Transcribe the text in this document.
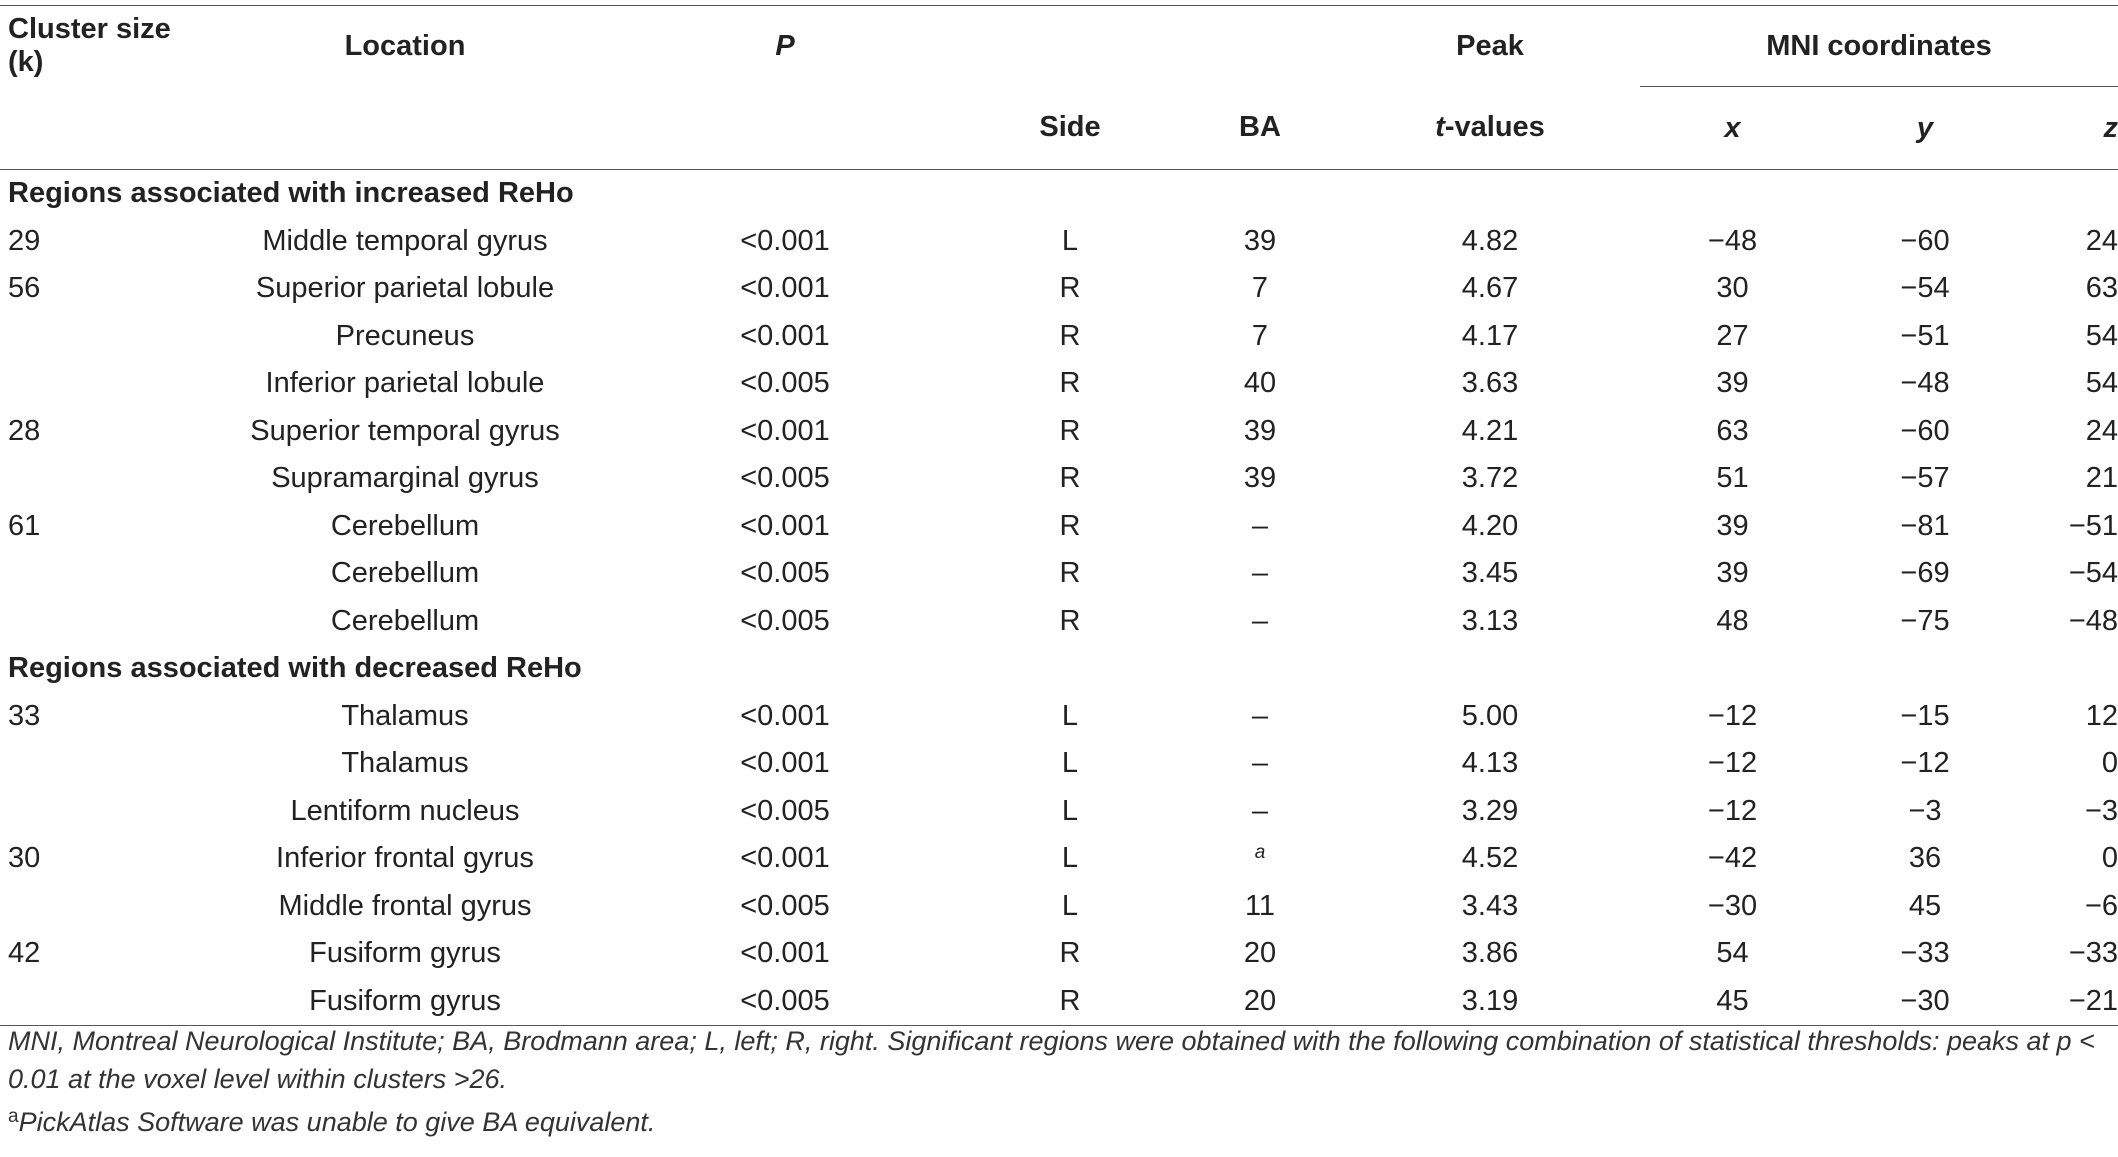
Cluster size (k)	Location	P			Peak	MNI coordinates		
			Side	BA	t-values	x	y	z
Regions associated with increased ReHo								
29	Middle temporal gyrus	<0.001	L	39	4.82	−48	−60	24
56	Superior parietal lobule	<0.001	R	7	4.67	30	−54	63
	Precuneus	<0.001	R	7	4.17	27	−51	54
	Inferior parietal lobule	<0.005	R	40	3.63	39	−48	54
28	Superior temporal gyrus	<0.001	R	39	4.21	63	−60	24
	Supramarginal gyrus	<0.005	R	39	3.72	51	−57	21
61	Cerebellum	<0.001	R	–	4.20	39	−81	−51
	Cerebellum	<0.005	R	–	3.45	39	−69	−54
	Cerebellum	<0.005	R	–	3.13	48	−75	−48
Regions associated with decreased ReHo								
33	Thalamus	<0.001	L	–	5.00	−12	−15	12
	Thalamus	<0.001	L	–	4.13	−12	−12	0
	Lentiform nucleus	<0.005	L	–	3.29	−12	−3	−3
30	Inferior frontal gyrus	<0.001	L	$^a$	4.52	−42	36	0
	Middle frontal gyrus	<0.005	L	11	3.43	−30	45	−6
42	Fusiform gyrus	<0.001	R	20	3.86	54	−33	−33
	Fusiform gyrus	<0.005	R	20	3.19	45	−30	−21

MNI, Montreal Neurological Institute; BA, Brodmann area; L, left; R, right. Significant regions were obtained with the following combination of statistical thresholds: peaks at p < 0.01 at the voxel level within clusters >26.

$^a$PickAtlas Software was unable to give BA equivalent.
